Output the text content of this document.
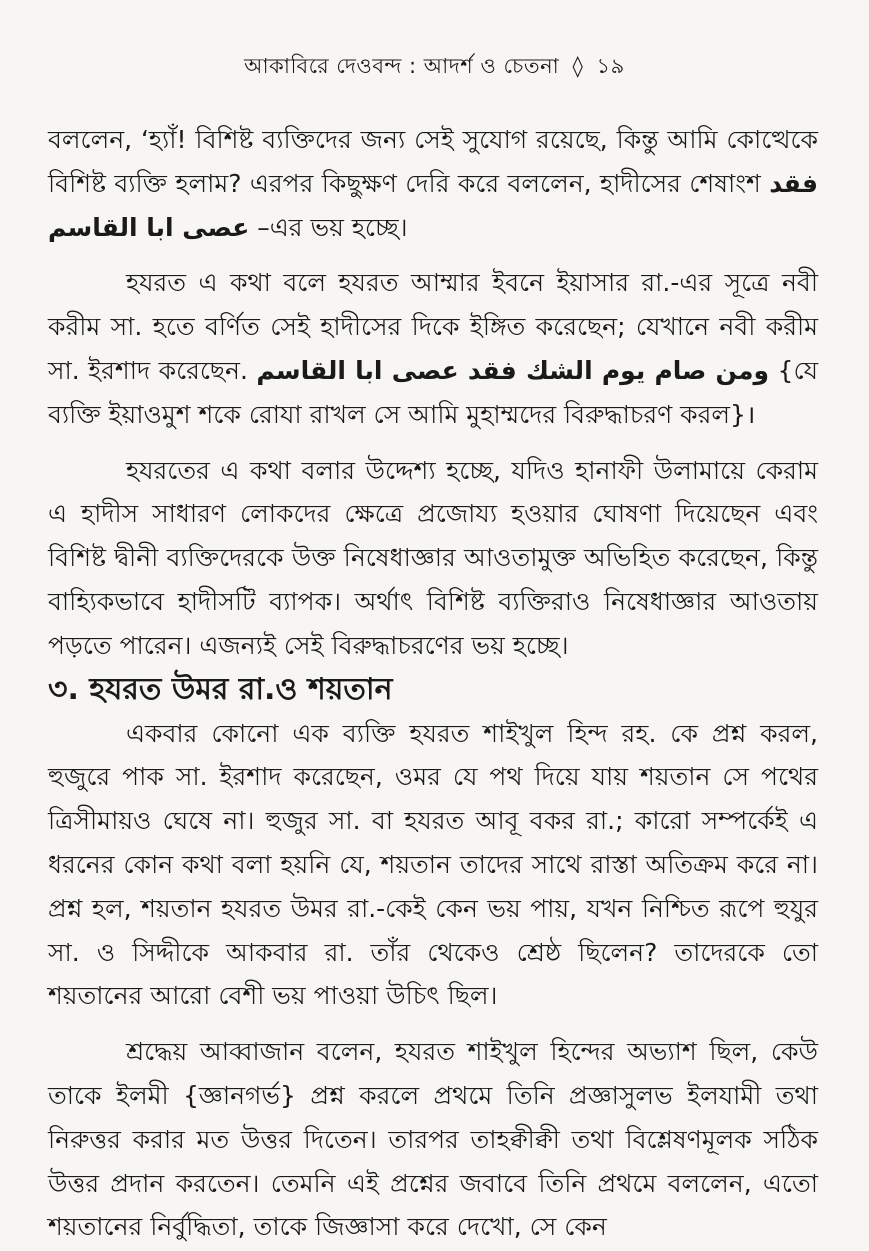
আকাবিরে দেওবন্দ : আদর্শ ও চেতনা ◊ ১৯

বললেন, ‘হ্যাঁ! বিশিষ্ট ব্যক্তিদের জন্য সেই সুযোগ রয়েছে, কিন্তু আমি কোত্থেকে বিশিষ্ট ব্যক্তি হলাম? এরপর কিছুক্ষণ দেরি করে বললেন, হাদীসের শেষাংশ فقد عصى ابا القاسم –এর ভয় হচ্ছে।

হযরত এ কথা বলে হযরত আম্মার ইবনে ইয়াসার রা.-এর সূত্রে নবী করীম সা. হতে বর্ণিত সেই হাদীসের দিকে ইঙ্গিত করেছেন; যেখানে নবী করীম সা. ইরশাদ করেছেন. ومن صام يوم الشك فقد عصى ابا القاسم {যে ব্যক্তি ইয়াওমুশ শকে রোযা রাখল সে আমি মুহাম্মদের বিরুদ্ধাচরণ করল}।

হযরতের এ কথা বলার উদ্দেশ্য হচ্ছে, যদিও হানাফী উলামায়ে কেরাম এ হাদীস সাধারণ লোকদের ক্ষেত্রে প্রজোয্য হওয়ার ঘোষণা দিয়েছেন এবং বিশিষ্ট দ্বীনী ব্যক্তিদেরকে উক্ত নিষেধাজ্ঞার আওতামুক্ত অভিহিত করেছেন, কিন্তু বাহ্যিকভাবে হাদীসটি ব্যাপক। অর্থাৎ বিশিষ্ট ব্যক্তিরাও নিষেধাজ্ঞার আওতায় পড়তে পারেন। এজন্যই সেই বিরুদ্ধাচরণের ভয় হচ্ছে।

৩. হযরত উমর রা.ও শয়তান

একবার কোনো এক ব্যক্তি হযরত শাইখুল হিন্দ রহ. কে প্রশ্ন করল, হুজুরে পাক সা. ইরশাদ করেছেন, ওমর যে পথ দিয়ে যায় শয়তান সে পথের ত্রিসীমায়ও ঘেষে না। হুজুর সা. বা হযরত আবূ বকর রা.; কারো সম্পর্কেই এ ধরনের কোন কথা বলা হয়নি যে, শয়তান তাদের সাথে রাস্তা অতিক্রম করে না। প্রশ্ন হল, শয়তান হযরত উমর রা.-কেই কেন ভয় পায়, যখন নিশ্চিত রূপে হুযুর সা. ও সিদ্দীকে আকবার রা. তাঁর থেকেও শ্রেষ্ঠ ছিলেন? তাদেরকে তো শয়তানের আরো বেশী ভয় পাওয়া উচিৎ ছিল।

শ্রদ্ধেয় আব্বাজান বলেন, হযরত শাইখুল হিন্দের অভ্যাশ ছিল, কেউ তাকে ইলমী {জ্ঞানগর্ভ} প্রশ্ন করলে প্রথমে তিনি প্রজ্ঞাসুলভ ইলযামী তথা নিরুত্তর করার মত উত্তর দিতেন। তারপর তাহক্বীক্বী তথা বিশ্লেষণমূলক সঠিক উত্তর প্রদান করতেন। তেমনি এই প্রশ্নের জবাবে তিনি প্রথমে বললেন, এতো শয়তানের নির্বুদ্ধিতা, তাকে জিজ্ঞাসা করে দেখো, সে কেন
